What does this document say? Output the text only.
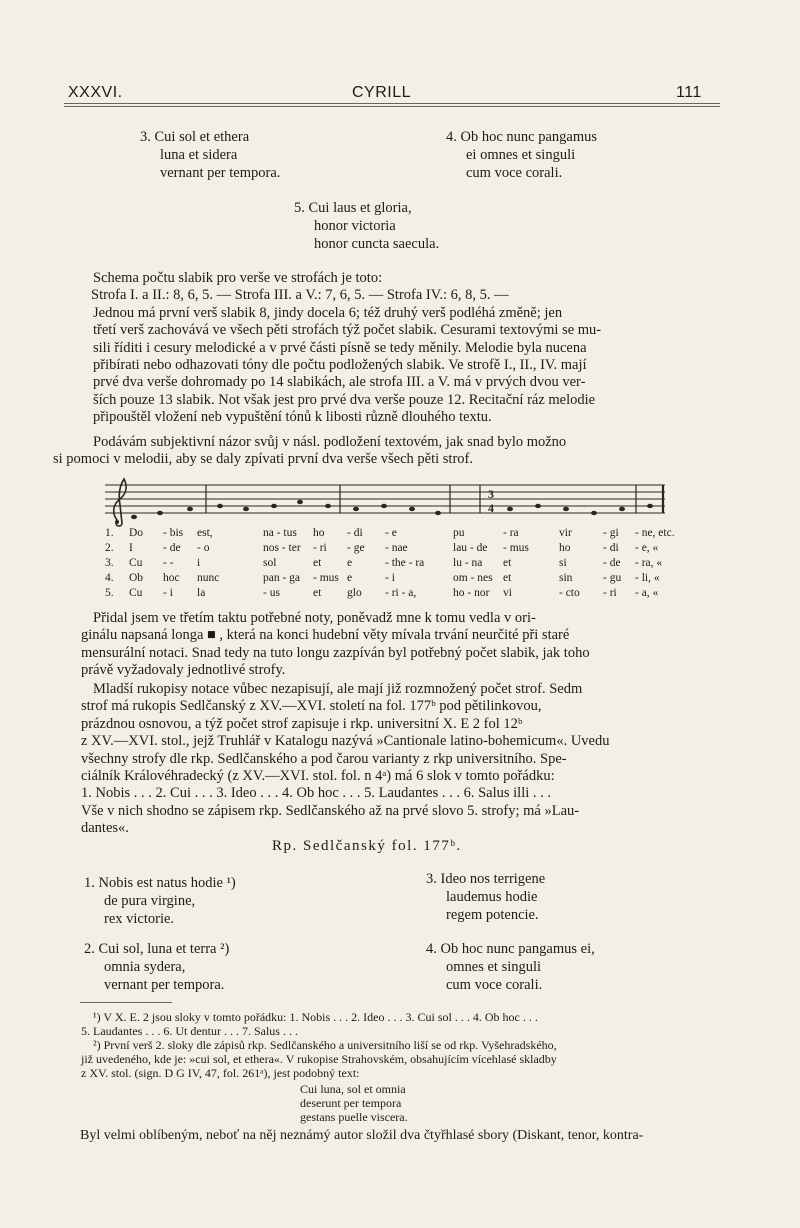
XXXVI.	CYRILL	111
3. Cui sol et ethera
luna et sidera
vernant per tempora.
4. Ob hoc nunc pangamus
ei omnes et singuli
cum voce corali.
5. Cui laus et gloria,
honor victoria
honor cuncta saecula.
Schema počtu slabik pro verše ve strofách je toto:
Strofa I. a II.: 8, 6, 5. — Strofa III. a V.: 7, 6, 5. — Strofa IV.: 6, 8, 5. —
Jednou má první verš slabik 8, jindy docela 6; též druhý verš podléhá změně; jen
třetí verš zachovává ve všech pěti strofách týž počet slabik. Cesurami textovými se mu-
sili říditi i cesury melodické a v prvé části písně se tedy měnily. Melodie byla nucena
přibírati nebo odhazovati tóny dle počtu podložených slabik. Ve strofě I., II., IV. mají
prvé dva verše dohromady po 14 slabikách, ale strofa III. a V. má v prvých dvou ver-
ších pouze 13 slabik. Not však jest pro prvé dva verše pouze 12. Recitační ráz melodie
připouštěl vložení neb vypuštění tónů k libosti různě dlouhého textu.
Podávám subjektivní názor svůj v násl. podložení textovém, jak snad bylo možno
si pomoci v melodii, aby se daly zpívati první dva verše všech pěti strof.
3
4
1. Do - bis est,	na - tus ho - di - e	pu	- ra	vir	- gi - ne, etc.
2. I	- de - o	nos - ter - ri - ge - nae	lau - de - mus	ho	- di - e, «
3. Cu - - i	sol	et e	- the - ra lu - na et	si	- de - ra, «
4. Ob hoc nunc	pan - ga - mus e	- i	om - nes et	sin	- gu - li, «
5. Cu - i la	- us	et glo - ri - a,	ho - nor vi	- cto - ri - a, «
Přidal jsem ve třetím taktu potřebné noty, poněvadž mne k tomu vedla v ori-
ginálu napsaná longa ■ , která na konci hudební věty mívala trvání neurčité při staré
mensurální notaci. Snad tedy na tuto longu zazpíván byl potřebný počet slabik, jak toho
právě vyžadovaly jednotlivé strofy.
Mladší rukopisy notace vůbec nezapisují, ale mají již rozmnožený počet strof. Sedm
strof má rukopis Sedlčanský z XV.—XVI. století na fol. 177ᵇ pod pětilinkovou,
prázdnou osnovou, a týž počet strof zapisuje i rkp. universitní X. E 2 fol 12ᵇ
z XV.—XVI. stol., jejž Truhlář v Katalogu nazývá »Cantionale latino-bohemicum«. Uvedu
všechny strofy dle rkp. Sedlčanského a pod čarou varianty z rkp universitního. Spe-
ciálník Královéhradecký (z XV.—XVI. stol. fol. n 4ᵃ) má 6 slok v tomto pořádku:
1. Nobis . . . 2. Cui . . . 3. Ideo . . . 4. Ob hoc . . . 5. Laudantes . . . 6. Salus illi . . .
Vše v nich shodno se zápisem rkp. Sedlčanského až na prvé slovo 5. strofy; má »Lau-
dantes«.
Rp. Sedlčanský fol. 177ᵇ.
1. Nobis est natus hodie ¹)
de pura virgine,
rex victorie.
3. Ideo nos terrigene
laudemus hodie
regem potencie.
2. Cui sol, luna et terra ²)
omnia sydera,
vernant per tempora.
4. Ob hoc nunc pangamus ei,
omnes et singuli
cum voce corali.
¹) V X. E. 2 jsou sloky v tomto pořádku: 1. Nobis . . . 2. Ideo . . . 3. Cui sol . . . 4. Ob hoc . . .
5. Laudantes . . . 6. Ut dentur . . . 7. Salus . . .
²) První verš 2. sloky dle zápisů rkp. Sedlčanského a universitního liší se od rkp. Vyšehradského,
již uvedeného, kde je: »cui sol, et ethera«. V rukopise Strahovském, obsahujícím vícehlasé skladby
z XV. stol. (sign. D G IV, 47, fol. 261ᵃ), jest podobný text:
Cui luna, sol et omnia
deserunt per tempora
gestans puelle viscera.
Byl velmi oblíbeným, neboť na něj neznámý autor složil dva čtyřhlasé sbory (Diskant, tenor, kontra-
